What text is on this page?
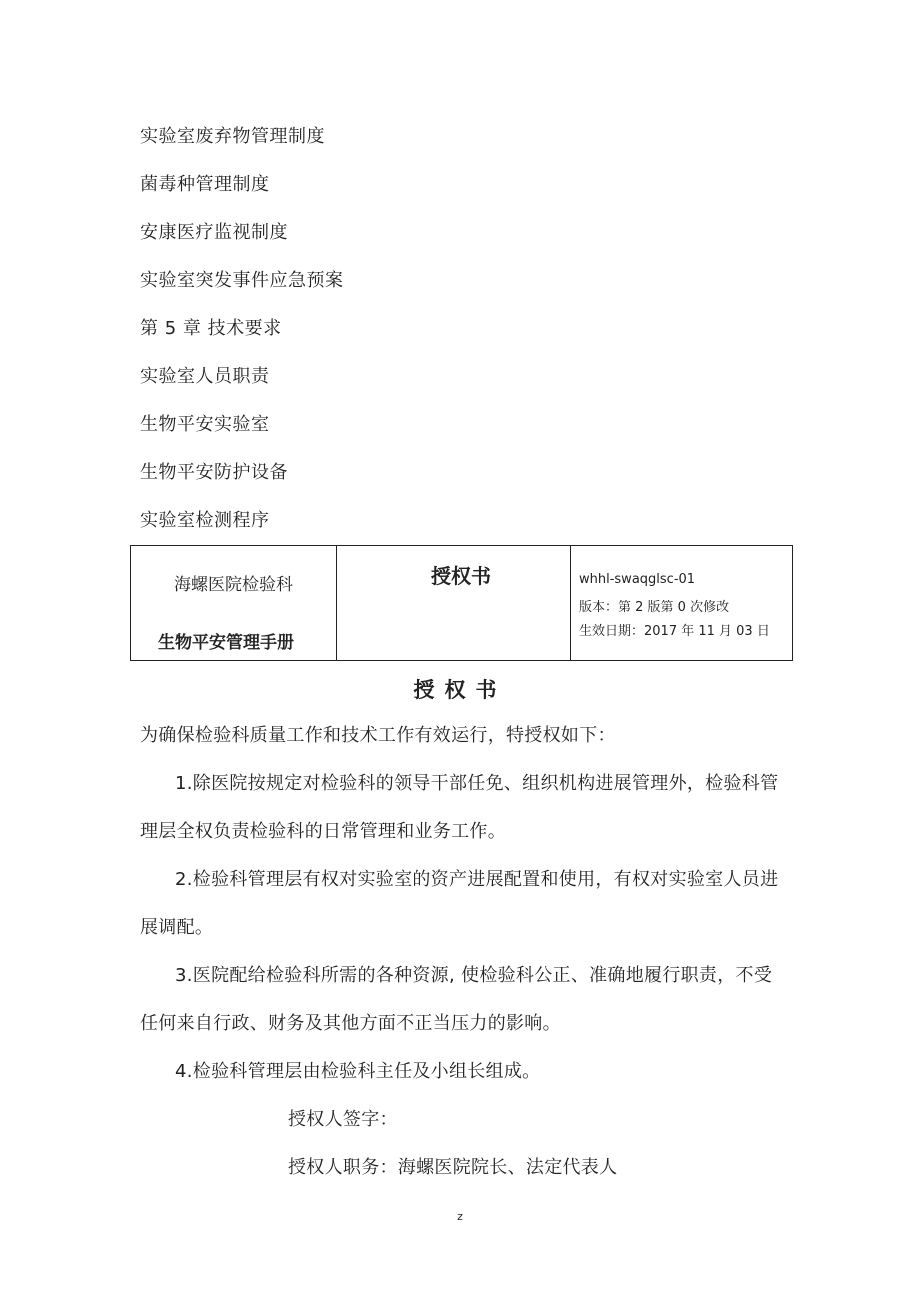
实验室废弃物管理制度
菌毒种管理制度
安康医疗监视制度
实验室突发事件应急预案
第 5 章 技术要求
实验室人员职责
生物平安实验室
生物平安防护设备
实验室检测程序
海螺医院检验科
生物平安管理手册
授权书	whhl-swaqglsc-01
版本：第 2 版第 0 次修改
生效日期：2017 年 11 月 03 日
授权书
为确保检验科质量工作和技术工作有效运行，特授权如下：
1.除医院按规定对检验科的领导干部任免、组织机构进展管理外，检验科管
理层全权负责检验科的日常管理和业务工作。
2.检验科管理层有权对实验室的资产进展配置和使用，有权对实验室人员进
展调配。
3.医院配给检验科所需的各种资源, 使检验科公正、准确地履行职责，不受
任何来自行政、财务及其他方面不正当压力的影响。
4.检验科管理层由检验科主任及小组长组成。
授权人签字：
授权人职务：海螺医院院长、法定代表人
z
